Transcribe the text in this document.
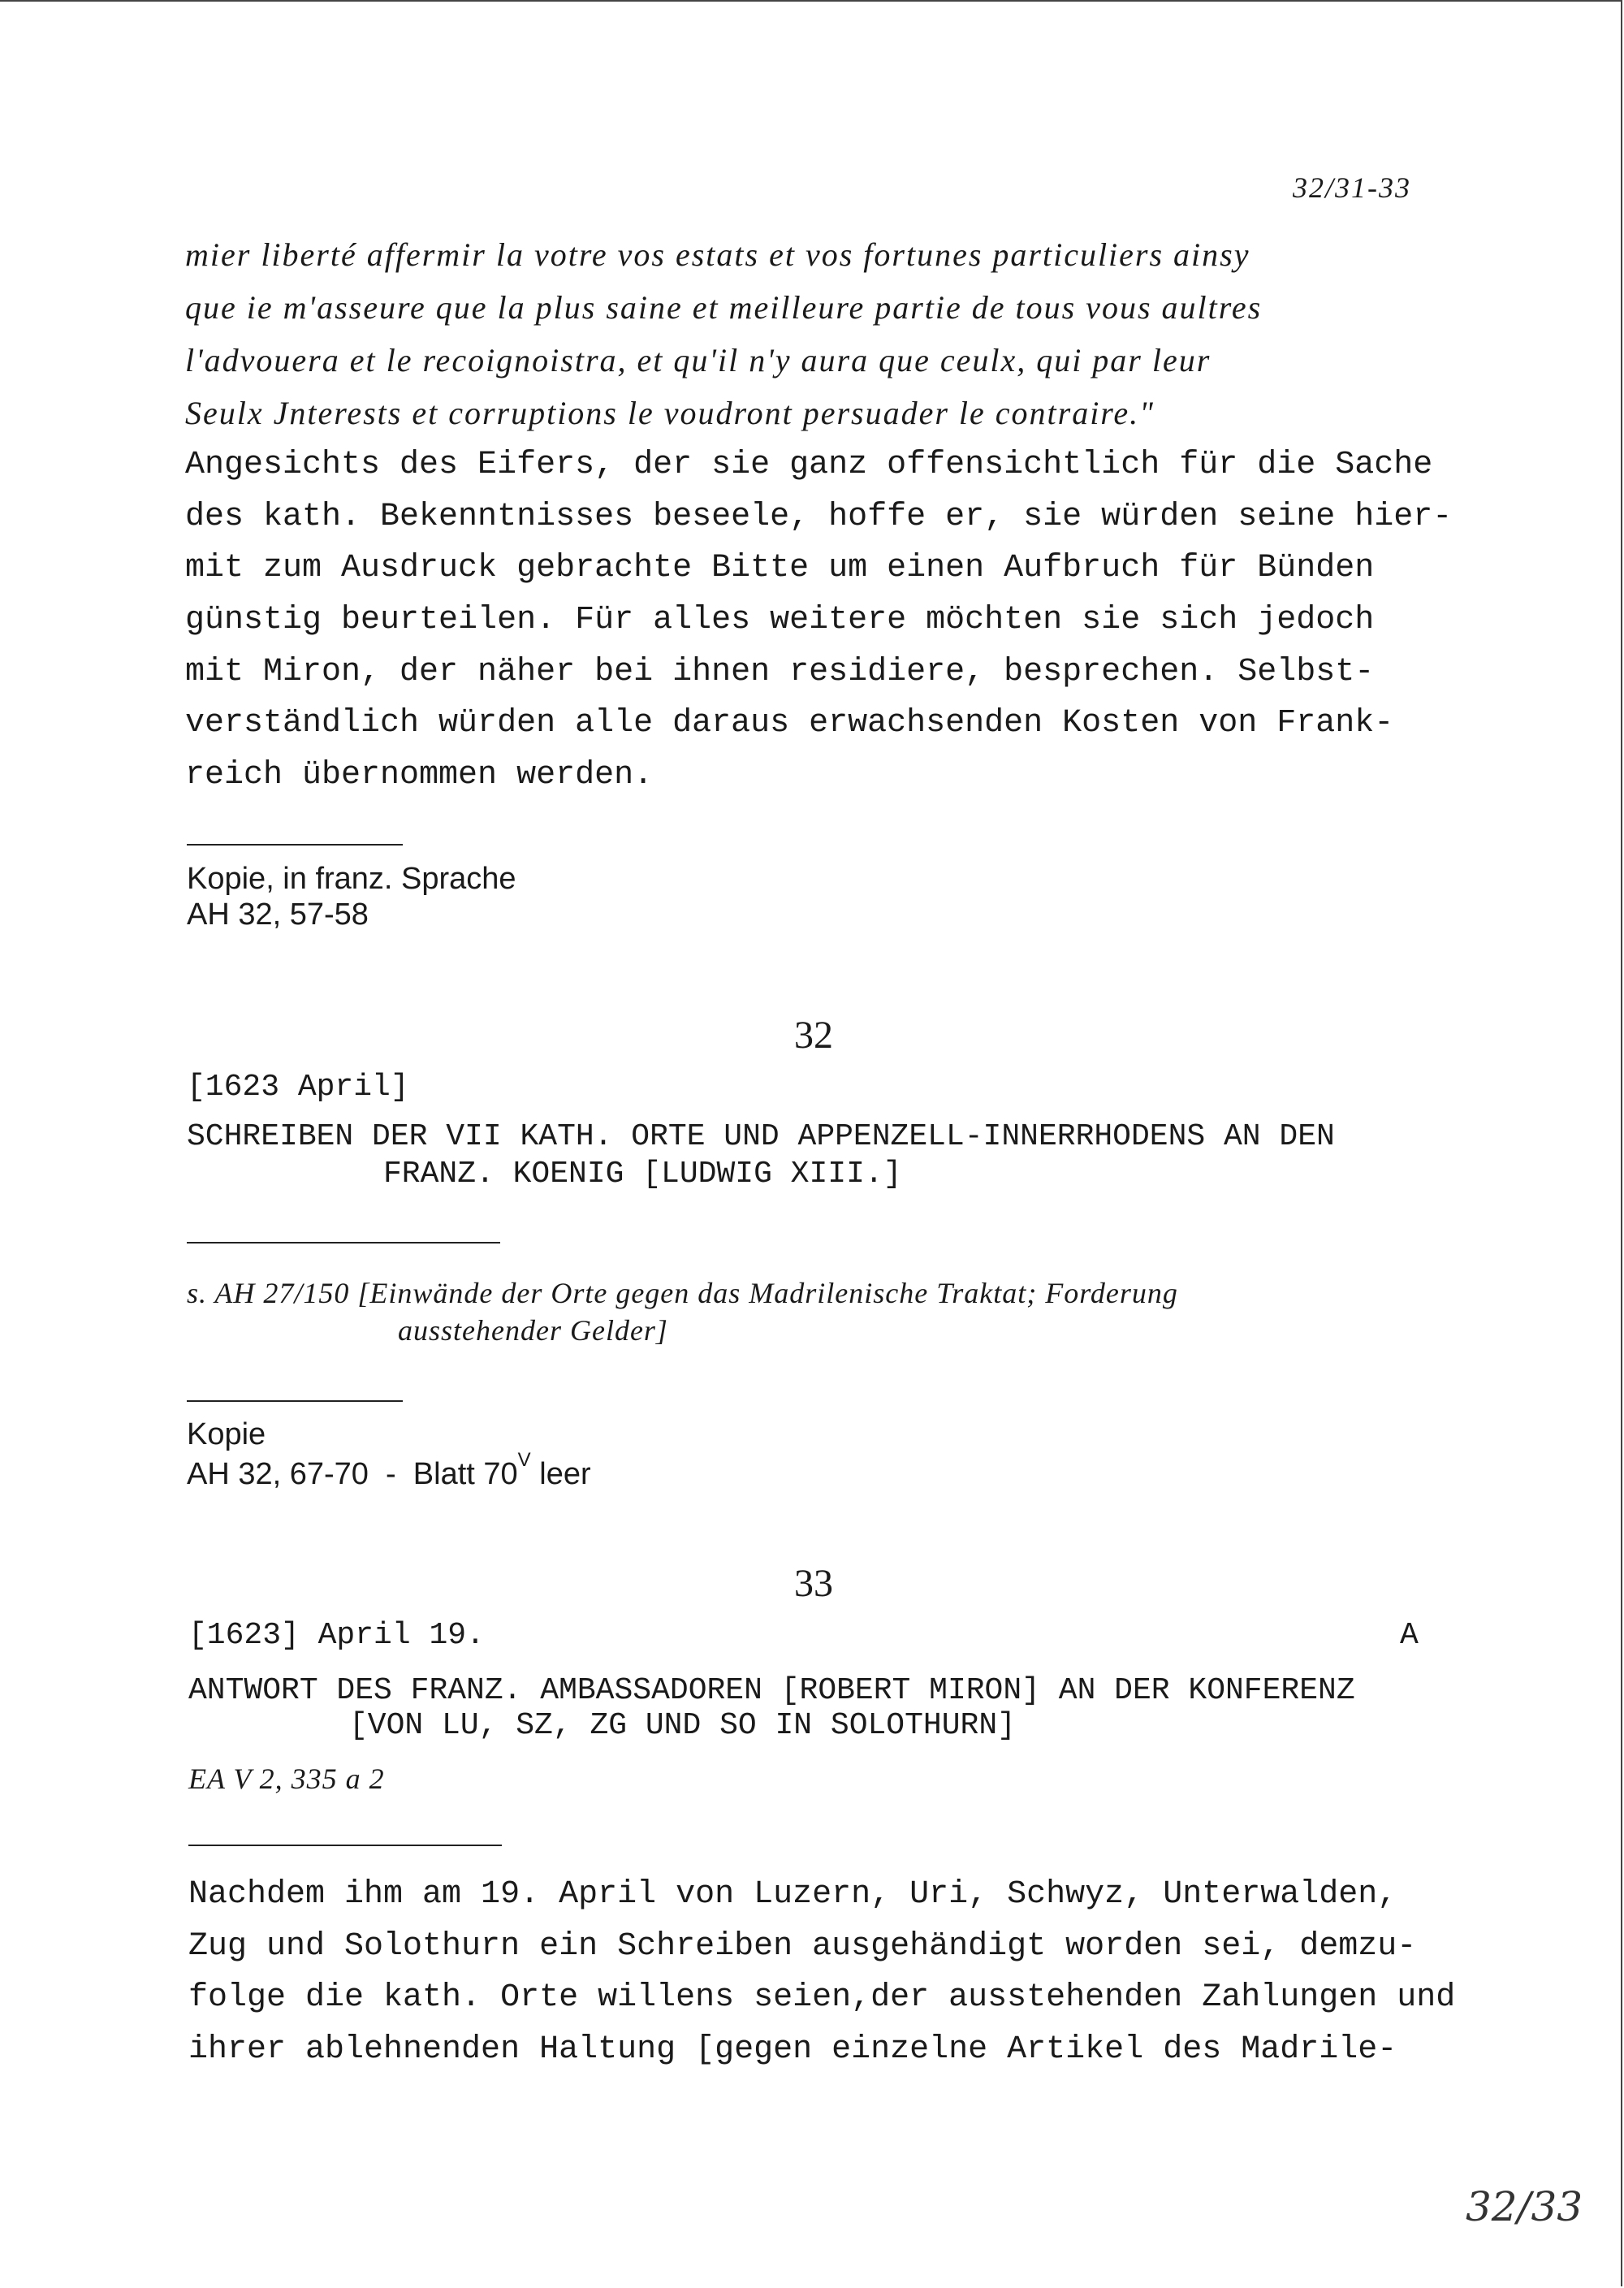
32/31-33
mier liberté affermir la votre vos estats et vos fortunes particuliers ainsy
que ie m'asseure que la plus saine et meilleure partie de tous vous aultres
l'advouera et le recoignoistra, et qu'il n'y aura que ceulx, qui par leur
Seulx Jnterests et corruptions le voudront persuader le contraire."
Angesichts des Eifers, der sie ganz offensichtlich für die Sache
des kath. Bekenntnisses beseele, hoffe er, sie würden seine hier-
mit zum Ausdruck gebrachte Bitte um einen Aufbruch für Bünden
günstig beurteilen. Für alles weitere möchten sie sich jedoch
mit Miron, der näher bei ihnen residiere, besprechen. Selbst-
verständlich würden alle daraus erwachsenden Kosten von Frank-
reich übernommen werden.
Kopie, in franz. Sprache
AH 32, 57-58
32
[1623 April]
SCHREIBEN DER VII KATH. ORTE UND APPENZELL-INNERRHODENS AN DEN
FRANZ. KOENIG [LUDWIG XIII.]
s. AH 27/150 [Einwände der Orte gegen das Madrilenische Traktat; Forderung
ausstehender Gelder]
Kopie
AH 32, 67-70  -  Blatt $70^V$ leer
33
[1623] April 19.	A
ANTWORT DES FRANZ. AMBASSADOREN [ROBERT MIRON] AN DER KONFERENZ
[VON LU, SZ, ZG UND SO IN SOLOTHURN]
EA V 2, 335 a 2
Nachdem ihm am 19. April von Luzern, Uri, Schwyz, Unterwalden,
Zug und Solothurn ein Schreiben ausgehändigt worden sei, demzu-
folge die kath. Orte willens seien,der ausstehenden Zahlungen und
ihrer ablehnenden Haltung [gegen einzelne Artikel des Madrile-
32/33
